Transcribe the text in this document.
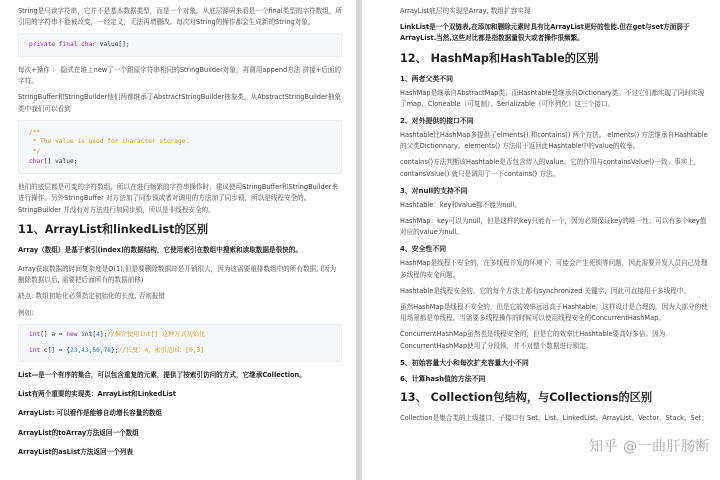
String是只读字符串，它并不是基本数据类型，而是一个对象。从底层源码来看是一个final类型的字符数组，所引用的字符串不能被改变，一经定义，无法再增删改。每次对String的操作都会生成新的String对象。

private final char value[];

每次+操作 ： 隐式在堆上new了一个跟原字符串相同的StringBuilder对象，再调用append方法 拼接+后面的字符。

StringBuffer和StringBuilder他们两都继承了AbstractStringBuilder抽象类，从AbstractStringBuilder抽象类中我们可以看到

/**
* The value is used for character storage.
*/
char[] value;

他们的底层都是可变的字符数组，所以在进行频繁的字符串操作时，建议使用StringBuffer和StringBuilder来进行操作。另外StringBuffer 对方法加了同步锁或者对调用的方法加了同步锁，所以是线程安全的。StringBuilder 并没有对方法进行加同步锁，所以是非线程安全的。

11、ArrayList和linkedList的区别

Array（数组）是基于索引(index)的数据结构，它使用索引在数组中搜索和读取数据是很快的。

Array获取数据的时间复杂度是O(1),但是要删除数据却是开销很大，因为这需要重排数组中的所有数据, (因为删除数据以后, 需要把后面所有的数据前移)

缺点: 数组初始化必须指定初始化的长度, 否则报错

例如:

int[] a = new int[4];//推介使用int[] 这种方式初始化
int c[] = {23,43,56,78};//长度：4，索引范围：[0,3]

List—是一个有序的集合，可以包含重复的元素，提供了按索引访问的方式，它继承Collection。

List有两个重要的实现类：ArrayList和LinkedList

ArrayList: 可以看作是能够自动增长容量的数组

ArrayList的toArray方法返回一个数组

ArrayList的asList方法返回一个列表

ArrayList底层的实现是Array, 数组扩容实现

LinkList是一个双链表,在添加和删除元素时具有比ArrayList更好的性能.但在get与set方面弱于ArrayList.当然,这些对比都是指数据量很大或者操作很频繁。

12、 HashMap和HashTable的区别
1、两者父类不同

HashMap是继承自AbstractMap类，而Hashtable是继承自Dictionary类。不过它们都实现了同时实现了map、Cloneable（可复制）、Serializable（可序列化）这三个接口。

2、对外提供的接口不同

Hashtable比HashMap多提供了elments() 和contains() 两个方法。 elments() 方法继承自Hashtable的父类Dictionnary。elements() 方法用于返回此Hashtable中的value的枚举。

contains()方法判断该Hashtable是否包含传入的value。它的作用与containsValue()一致。事实上，contansValue() 就只是调用了一下contains() 方法。

3、对null的支持不同

Hashtable：key和value都不能为null。

HashMap：key可以为null，但是这样的key只能有一个，因为必须保证key的唯一性；可以有多个key值对应的value为null。

4、安全性不同

HashMap是线程不安全的，在多线程并发的环境下，可能会产生死锁等问题，因此需要开发人员自己处理多线程的安全问题。

Hashtable是线程安全的，它的每个方法上都有synchronized 关键字，因此可直接用于多线程中。

虽然HashMap是线程不安全的，但是它的效率远远高于Hashtable，这样设计是合理的，因为大部分的使用场景都是单线程。当需要多线程操作的时候可以使用线程安全的ConcurrentHashMap。

ConcurrentHashMap虽然也是线程安全的，但是它的效率比Hashtable要高好多倍。因为ConcurrentHashMap使用了分段锁，并不对整个数据进行锁定。

5、初始容量大小和每次扩充容量大小不同
6、计算hash值的方法不同
13、 Collection包结构，与Collections的区别

Collection是集合类的上级接口，子接口有 Set、List、LinkedList、ArrayList、Vector、Stack、Set；

知乎 @一曲肝肠断
